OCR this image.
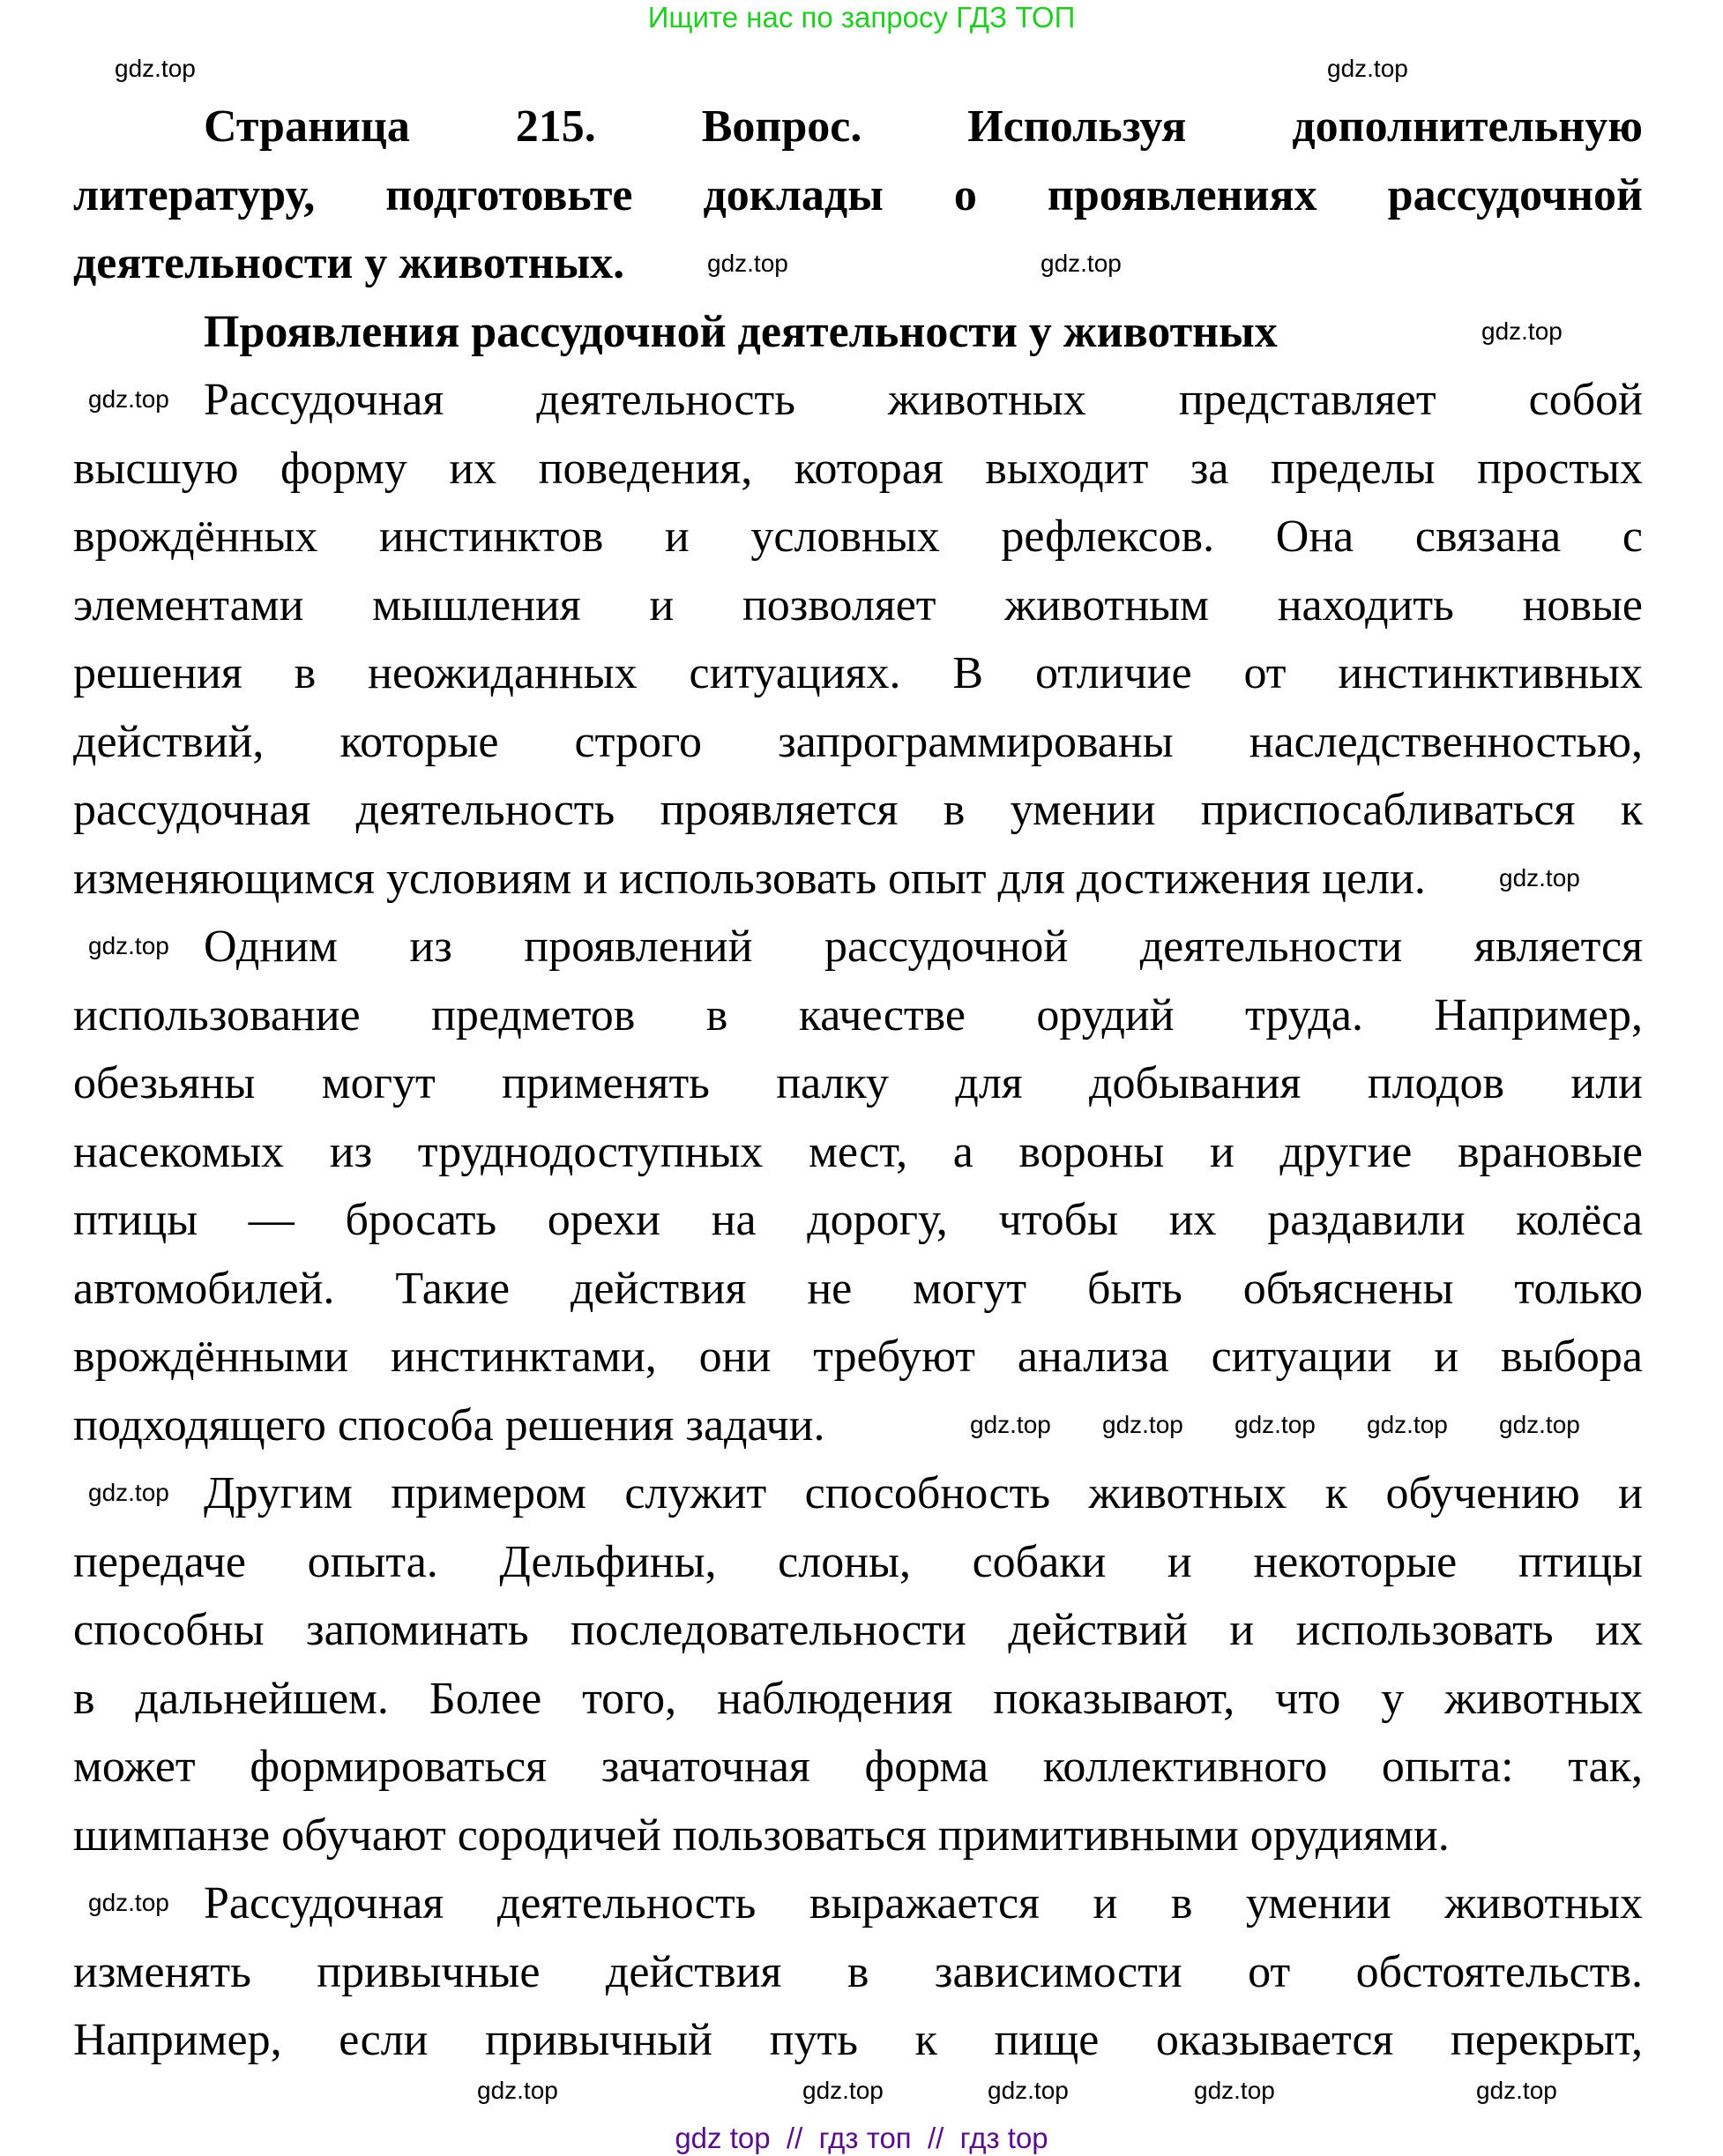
Ищите нас по запросу ГДЗ ТОП
Страница 215. Вопрос. Используя дополнительную
литературу, подготовьте доклады о проявлениях рассудочной
деятельности у животных.
Проявления рассудочной деятельности у животных
Рассудочная деятельность животных представляет собой
высшую форму их поведения, которая выходит за пределы простых
врождённых инстинктов и условных рефлексов. Она связана с
элементами мышления и позволяет животным находить новые
решения в неожиданных ситуациях. В отличие от инстинктивных
действий, которые строго запрограммированы наследственностью,
рассудочная деятельность проявляется в умении приспосабливаться к
изменяющимся условиям и использовать опыт для достижения цели.
Одним из проявлений рассудочной деятельности является
использование предметов в качестве орудий труда. Например,
обезьяны могут применять палку для добывания плодов или
насекомых из труднодоступных мест, а вороны и другие врановые
птицы — бросать орехи на дорогу, чтобы их раздавили колёса
автомобилей. Такие действия не могут быть объяснены только
врождёнными инстинктами, они требуют анализа ситуации и выбора
подходящего способа решения задачи.
Другим примером служит способность животных к обучению и
передаче опыта. Дельфины, слоны, собаки и некоторые птицы
способны запоминать последовательности действий и использовать их
в дальнейшем. Более того, наблюдения показывают, что у животных
может формироваться зачаточная форма коллективного опыта: так,
шимпанзе обучают сородичей пользоваться примитивными орудиями.
Рассудочная деятельность выражается и в умении животных
изменять привычные действия в зависимости от обстоятельств.
Например, если привычный путь к пище оказывается перекрыт,
gdz.top	gdz.top
gdz.top	gdz.top
gdz.top
gdz.top
gdz.top
gdz.top
gdz.top
gdz.top gdz.top	gdz.top
gdz.top
gdz.top
gdz.top	gdz.top	gdz.top
gdz.top
gdz.top
gdz.top
gdz top  //  гдз топ  //  гдз top
